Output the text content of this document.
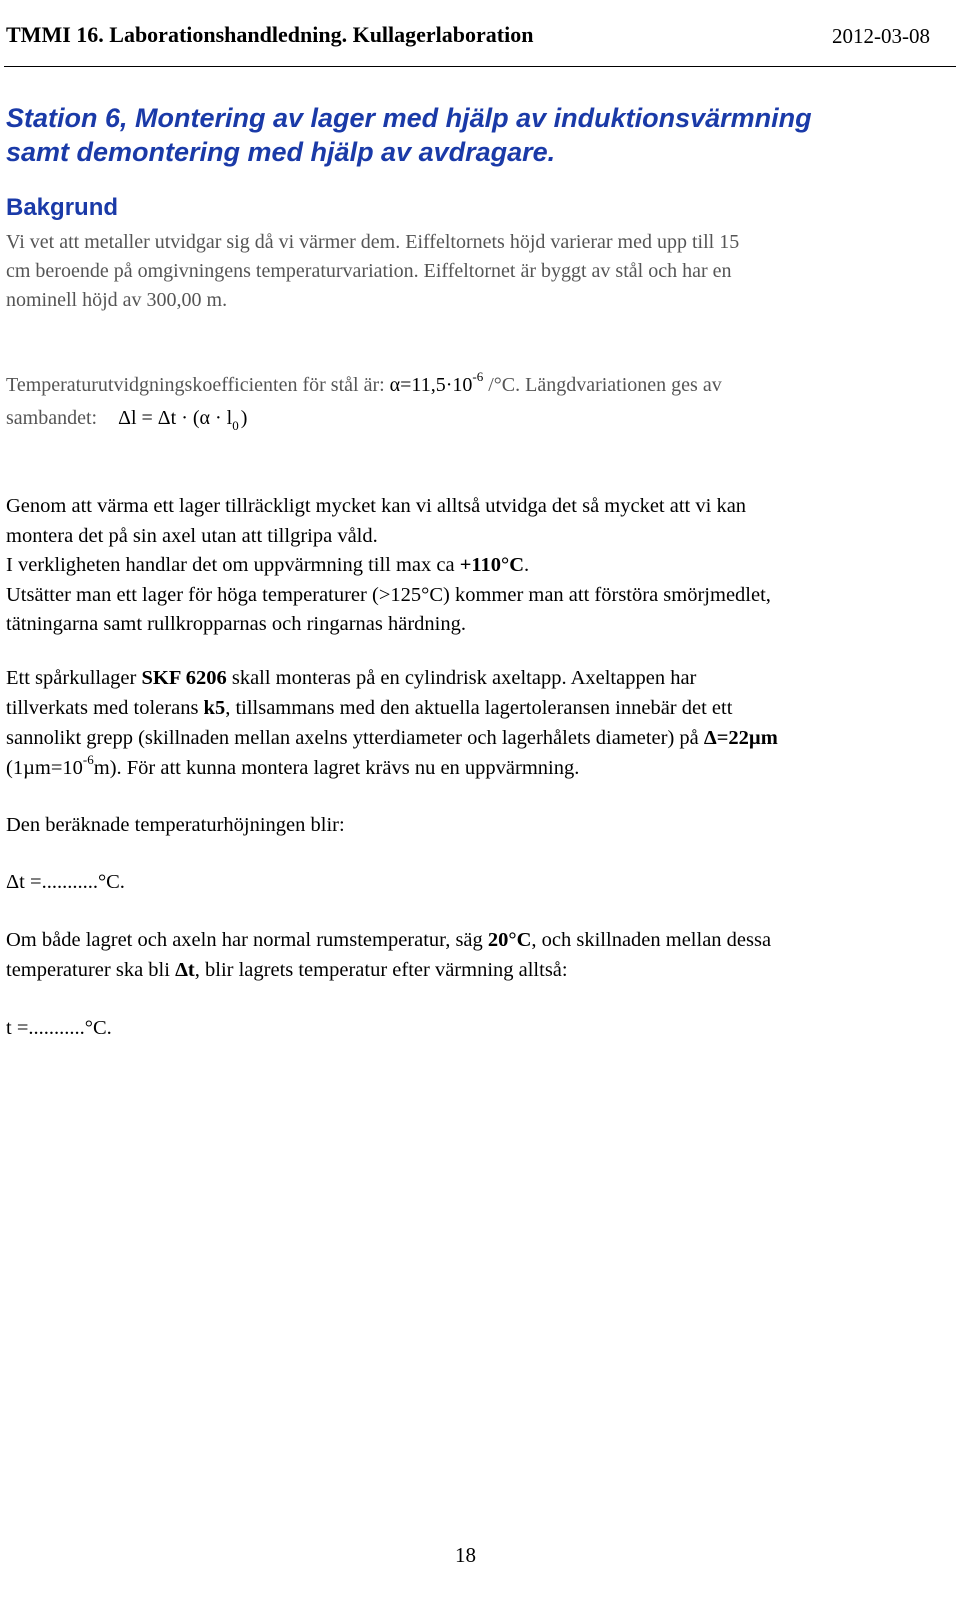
TMMI 16. Laborationshandledning. Kullagerlaboration	2012-03-08
Station 6, Montering av lager med hjälp av induktionsvärmning
samt demontering med hjälp av avdragare.
Bakgrund
Vi vet att metaller utvidgar sig då vi värmer dem. Eiffeltornets höjd varierar med upp till 15
cm beroende på omgivningens temperaturvariation. Eiffeltornet är byggt av stål och har en
nominell höjd av 300,00 m.
Temperaturutvidgningskoefficienten för stål är: $\alpha=11,5\cdot 10^{-6}$ /°C. Längdvariationen ges av
sambandet: $\Delta l = \Delta t \cdot (\alpha \cdot l_0$ )
Genom att värma ett lager tillräckligt mycket kan vi alltså utvidga det så mycket att vi kan
montera det på sin axel utan att tillgripa våld.
I verkligheten handlar det om uppvärmning till max ca +110°C.
Utsätter man ett lager för höga temperaturer (>125°C) kommer man att förstöra smörjmedlet,
tätningarna samt rullkropparnas och ringarnas härdning.
Ett spårkullager SKF 6206 skall monteras på en cylindrisk axeltapp. Axeltappen har
tillverkats med tolerans k5, tillsammans med den aktuella lagertoleransen innebär det ett
sannolikt grepp (skillnaden mellan axelns ytterdiameter och lagerhålets diameter) på Δ=22µm
$(1\mu m=10^{-6}m)$. För att kunna montera lagret krävs nu en uppvärmning.
Den beräknade temperaturhöjningen blir:
Δt =...........°C.
Om både lagret och axeln har normal rumstemperatur, säg 20°C, och skillnaden mellan dessa
temperaturer ska bli Δt, blir lagrets temperatur efter värmning alltså:
t =...........°C.
18
